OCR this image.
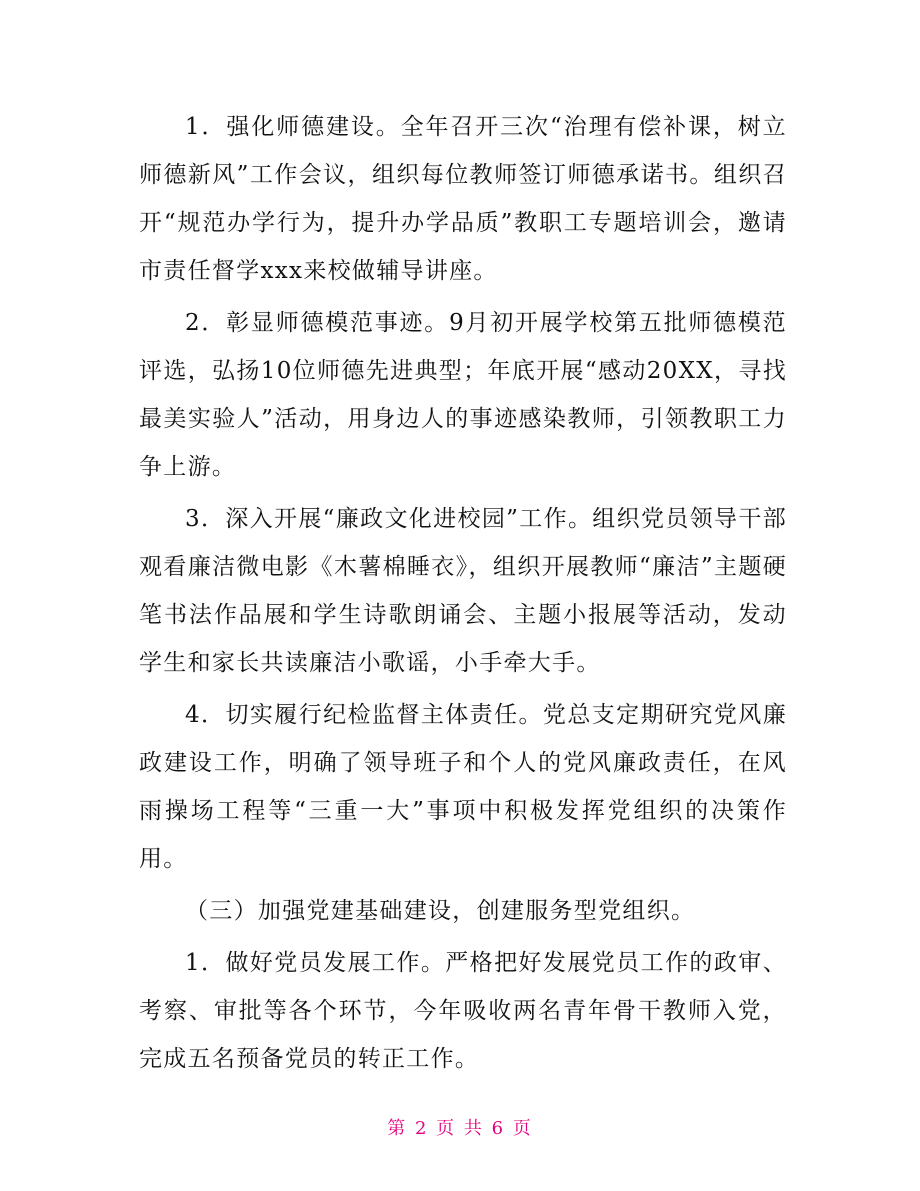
1．强化师德建设。全年召开三次“治理有偿补课，树立师德新风”工作会议，组织每位教师签订师德承诺书。组织召开“规范办学行为，提升办学品质”教职工专题培训会，邀请市责任督学xxx来校做辅导讲座。

2．彰显师德模范事迹。9月初开展学校第五批师德模范评选，弘扬10位师德先进典型；年底开展“感动20XX，寻找最美实验人”活动，用身边人的事迹感染教师，引领教职工力争上游。

3．深入开展“廉政文化进校园”工作。组织党员领导干部观看廉洁微电影《木薯棉睡衣》，组织开展教师“廉洁”主题硬笔书法作品展和学生诗歌朗诵会、主题小报展等活动，发动学生和家长共读廉洁小歌谣，小手牵大手。

4．切实履行纪检监督主体责任。党总支定期研究党风廉政建设工作，明确了领导班子和个人的党风廉政责任，在风雨操场工程等“三重一大”事项中积极发挥党组织的决策作用。

（三）加强党建基础建设，创建服务型党组织。

1．做好党员发展工作。严格把好发展党员工作的政审、考察、审批等各个环节，今年吸收两名青年骨干教师入党，完成五名预备党员的转正工作。

第 2 页 共 6 页
